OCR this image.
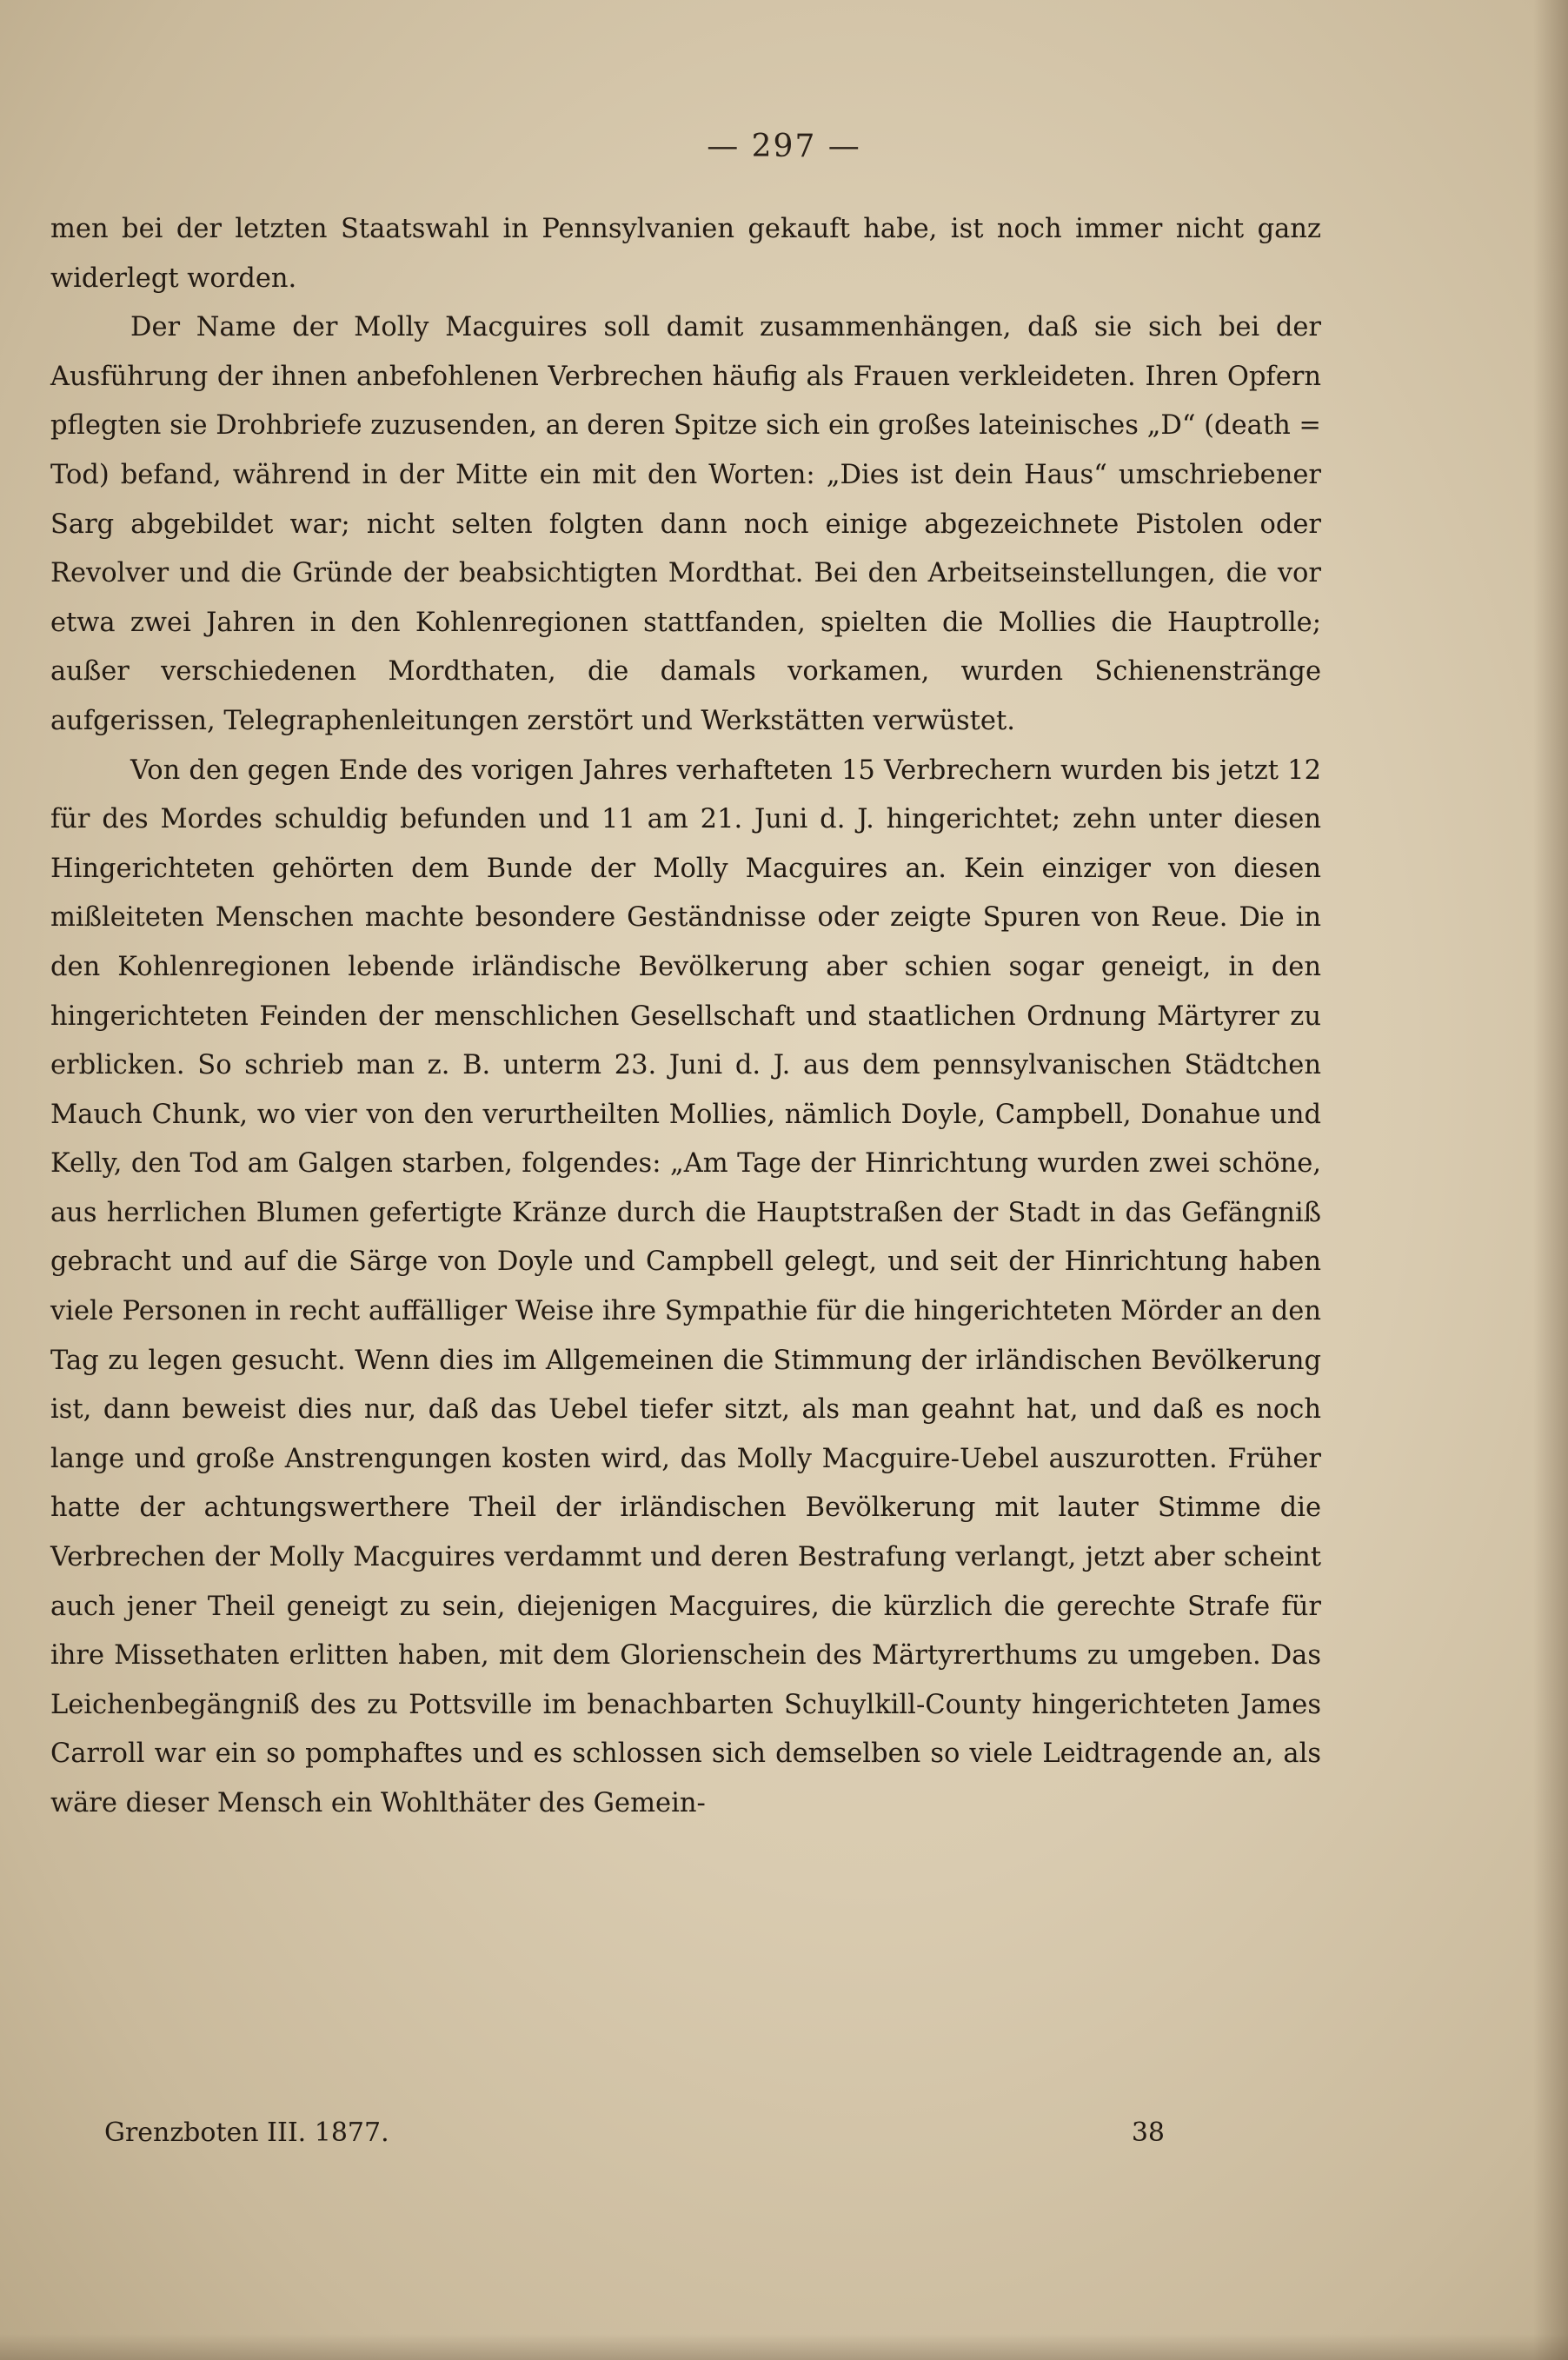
— 297 —

men bei der letzten Staatswahl in Pennsylvanien gekauft habe, ist noch immer nicht ganz widerlegt worden.

Der Name der Molly Macguires soll damit zusammenhängen, daß sie sich bei der Ausführung der ihnen anbefohlenen Verbrechen häufig als Frauen verkleideten. Ihren Opfern pflegten sie Drohbriefe zuzusenden, an deren Spitze sich ein großes lateinisches „D“ (death = Tod) befand, während in der Mitte ein mit den Worten: „Dies ist dein Haus“ umschriebener Sarg abgebildet war; nicht selten folgten dann noch einige abgezeichnete Pistolen oder Revolver und die Gründe der beabsichtigten Mordthat. Bei den Arbeitseinstellungen, die vor etwa zwei Jahren in den Kohlenregionen stattfanden, spielten die Mollies die Hauptrolle; außer verschiedenen Mordthaten, die damals vorkamen, wurden Schienenstränge aufgerissen, Telegraphenleitungen zerstört und Werkstätten verwüstet.

Von den gegen Ende des vorigen Jahres verhafteten 15 Verbrechern wurden bis jetzt 12 für des Mordes schuldig befunden und 11 am 21. Juni d. J. hingerichtet; zehn unter diesen Hingerichteten gehörten dem Bunde der Molly Macguires an. Kein einziger von diesen mißleiteten Menschen machte besondere Geständnisse oder zeigte Spuren von Reue. Die in den Kohlenregionen lebende irländische Bevölkerung aber schien sogar geneigt, in den hingerichteten Feinden der menschlichen Gesellschaft und staatlichen Ordnung Märtyrer zu erblicken. So schrieb man z. B. unterm 23. Juni d. J. aus dem pennsylvanischen Städtchen Mauch Chunk, wo vier von den verurtheilten Mollies, nämlich Doyle, Campbell, Donahue und Kelly, den Tod am Galgen starben, folgendes: „Am Tage der Hinrichtung wurden zwei schöne, aus herrlichen Blumen gefertigte Kränze durch die Hauptstraßen der Stadt in das Gefängniß gebracht und auf die Särge von Doyle und Campbell gelegt, und seit der Hinrichtung haben viele Personen in recht auffälliger Weise ihre Sympathie für die hingerichteten Mörder an den Tag zu legen gesucht. Wenn dies im Allgemeinen die Stimmung der irländischen Bevölkerung ist, dann beweist dies nur, daß das Uebel tiefer sitzt, als man geahnt hat, und daß es noch lange und große Anstrengungen kosten wird, das Molly Macguire-Uebel auszurotten. Früher hatte der achtungswerthere Theil der irländischen Bevölkerung mit lauter Stimme die Verbrechen der Molly Macguires verdammt und deren Bestrafung verlangt, jetzt aber scheint auch jener Theil geneigt zu sein, diejenigen Macguires, die kürzlich die gerechte Strafe für ihre Missethaten erlitten haben, mit dem Glorienschein des Märtyrerthums zu umgeben. Das Leichenbegängniß des zu Pottsville im benachbarten Schuylkill-County hingerichteten James Carroll war ein so pomphaftes und es schlossen sich demselben so viele Leidtragende an, als wäre dieser Mensch ein Wohlthäter des Gemein-

Grenzboten III. 1877.	38
